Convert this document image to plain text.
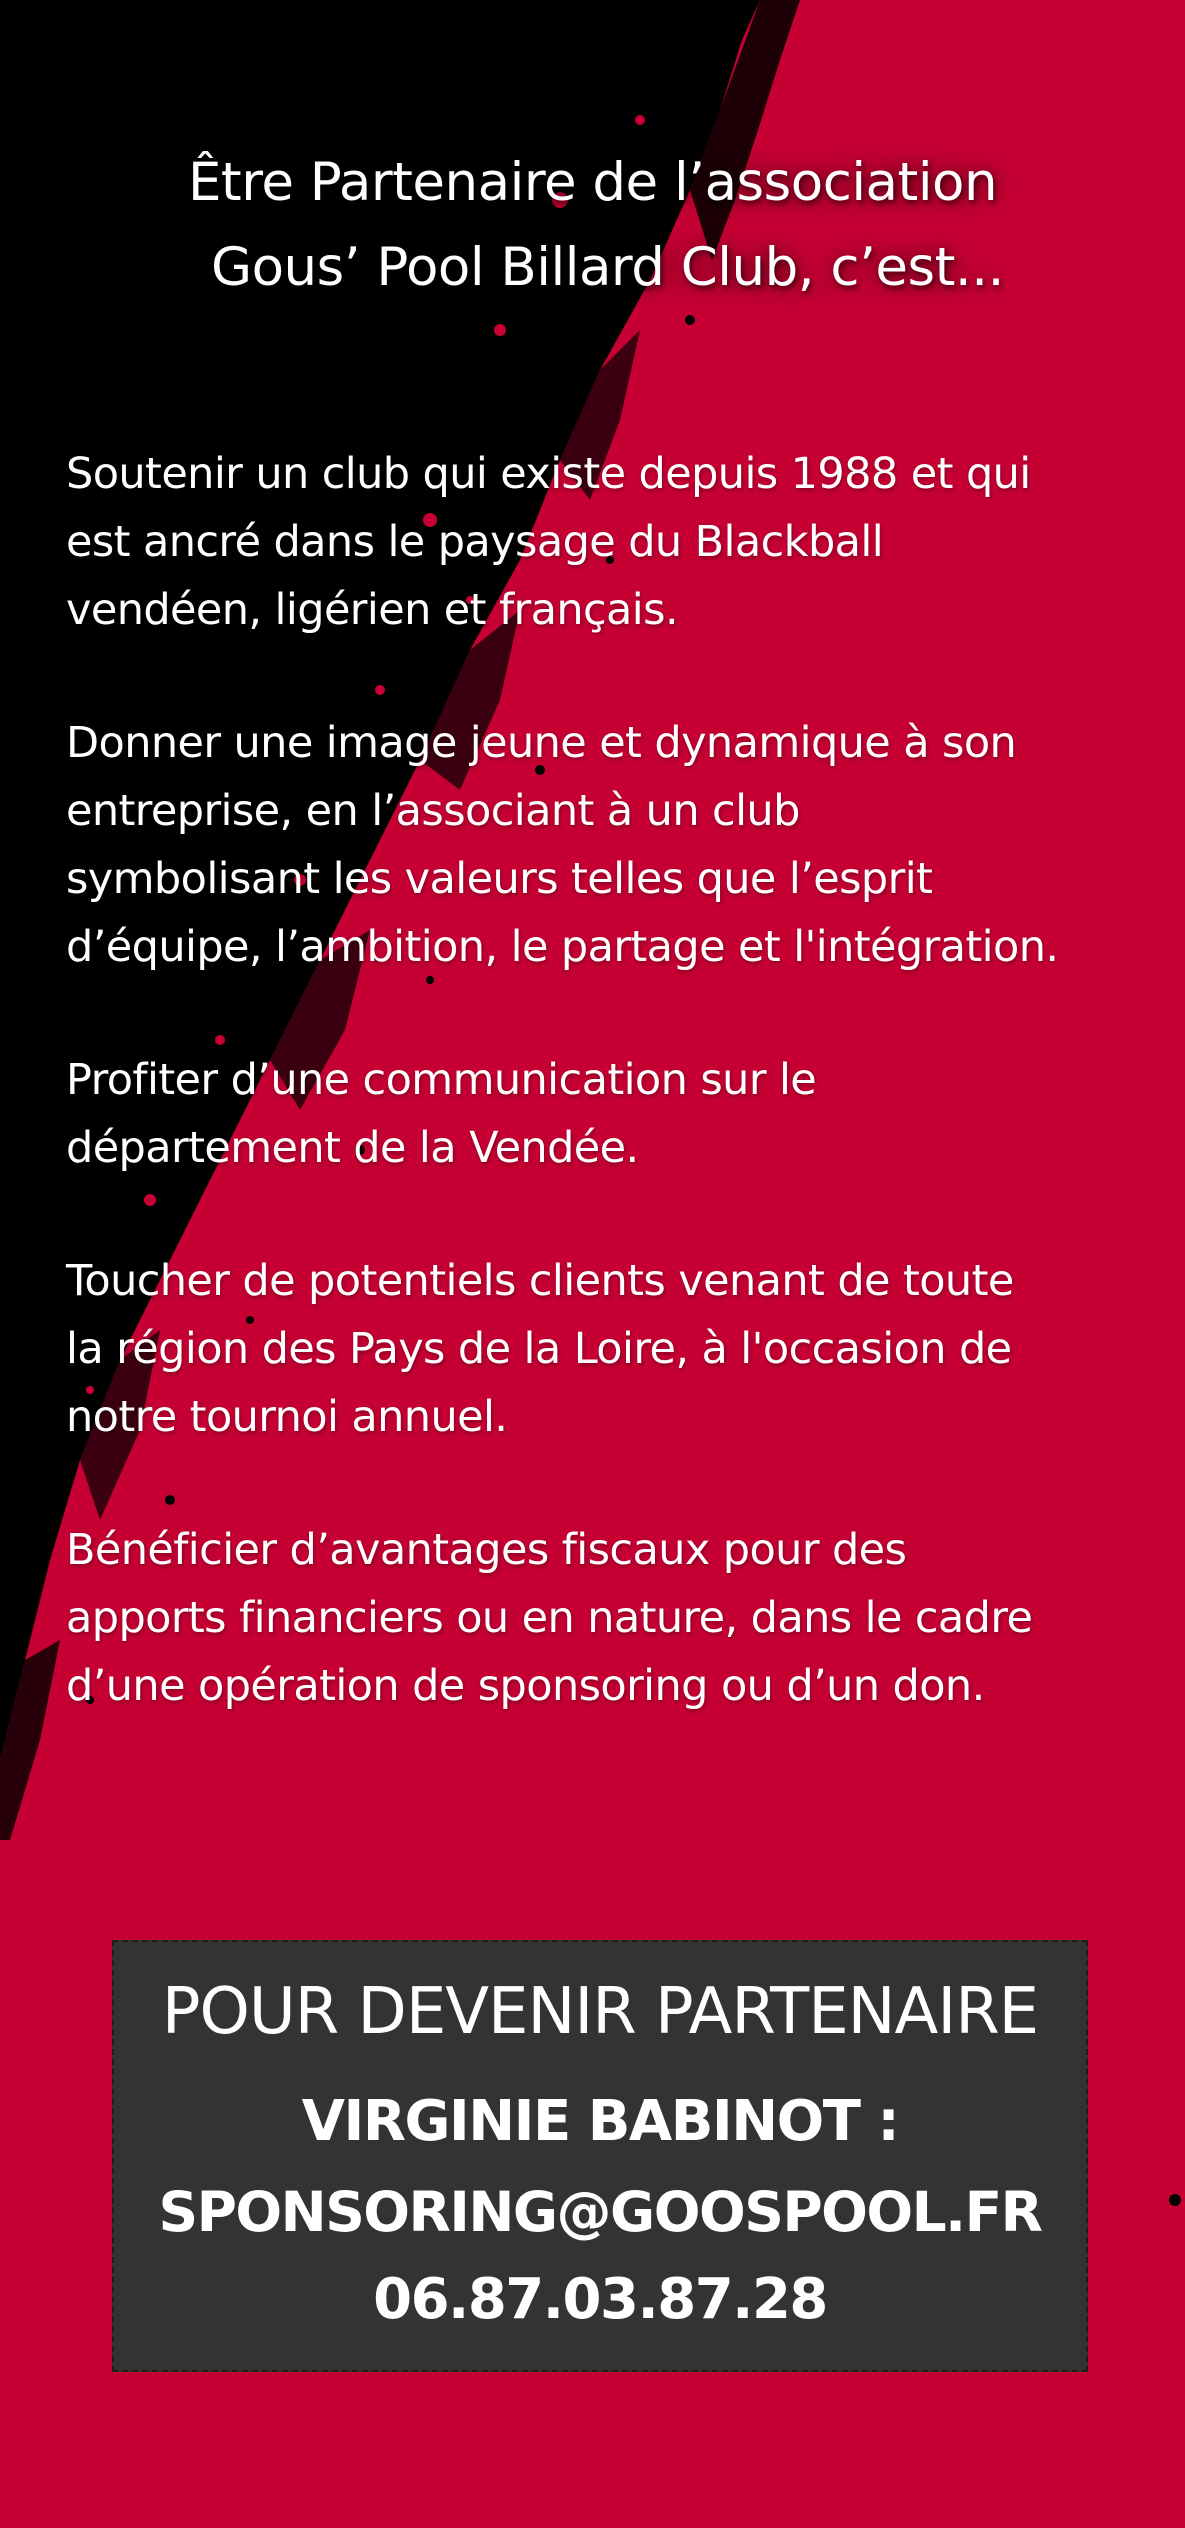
Être Partenaire de l’association
Gous’ Pool Billard Club, c’est...
Soutenir un club qui existe depuis 1988 et qui
est ancré dans le paysage du Blackball
vendéen, ligérien et français.
Donner une image jeune et dynamique à son
entreprise, en l’associant à un club
symbolisant les valeurs telles que l’esprit
d’équipe, l’ambition, le partage et l'intégration.
Profiter d’une communication sur le
département de la Vendée.
Toucher de potentiels clients venant de toute
la région des Pays de la Loire, à l'occasion de
notre tournoi annuel.
Bénéficier d’avantages fiscaux pour des
apports financiers ou en nature, dans le cadre
d’une opération de sponsoring ou d’un don.
POUR DEVENIR PARTENAIRE
VIRGINIE BABINOT :
SPONSORING@GOOSPOOL.FR
06.87.03.87.28
